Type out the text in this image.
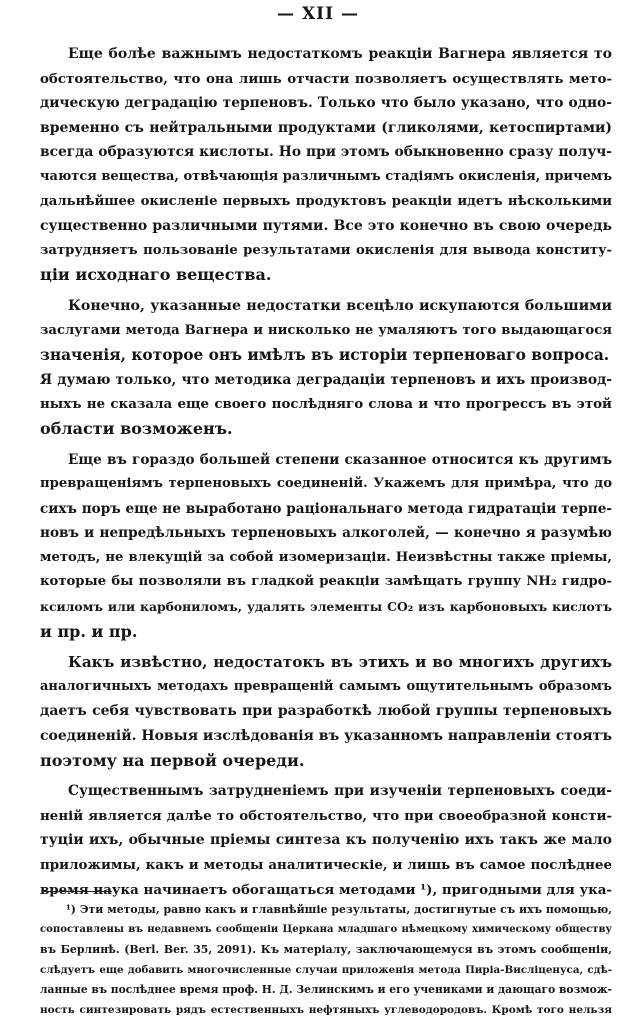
— XII —
Еще болѣе важнымъ недостаткомъ реакціи Вагнера является то
обстоятельство, что она лишь отчасти позволяетъ осуществлять мето-
дическую деградацію терпеновъ. Только что было указано, что одно-
временно съ нейтральными продуктами (гликолями, кетоспиртами)
всегда образуются кислоты. Но при этомъ обыкновенно сразу получ-
чаются вещества, отвѣчающія различнымъ стадіямъ окисленія, причемъ
дальнѣйшее окисленіе первыхъ продуктовъ реакціи идетъ нѣсколькими
существенно различными путями. Все это конечно въ свою очередь
затрудняетъ пользованіе результатами окисленія для вывода конститу-
ціи исходнаго вещества.
Конечно, указанные недостатки всецѣло искупаются большими
заслугами метода Вагнера и нисколько не умаляютъ того выдающагося
значенія, которое онъ имѣлъ въ исторіи терпеноваго вопроса.
Я думаю только, что методика деградаціи терпеновъ и ихъ производ-
ныхъ не сказала еще своего послѣдняго слова и что прогрессъ въ этой
области возможенъ.
Еще въ гораздо большей степени сказанное относится къ другимъ
превращеніямъ терпеновыхъ соединеній. Укажемъ для примѣра, что до
сихъ поръ еще не выработано раціональнаго метода гидратаціи терпе-
новъ и непредѣльныхъ терпеновыхъ алкоголей, — конечно я разумѣю
методъ, не влекущій за собой изомеризаціи. Неизвѣстны также пріемы,
которые бы позволяли въ гладкой реакціи замѣщать группу NH₂ гидро-
ксиломъ или карбониломъ, удалять элементы CO₂ изъ карбоновыхъ кислотъ
и пр. и пр.
Какъ извѣстно, недостатокъ въ этихъ и во многихъ другихъ
аналогичныхъ методахъ превращеній самымъ ощутительнымъ образомъ
даетъ себя чувствовать при разработкѣ любой группы терпеновыхъ
соединеній. Новыя изслѣдованія въ указанномъ направленіи стоятъ
поэтому на первой очереди.
Существеннымъ затрудненіемъ при изученіи терпеновыхъ соеди-
неній является далѣе то обстоятельство, что при своеобразной консти-
туціи ихъ, обычные пріемы синтеза къ полученію ихъ такъ же мало
приложимы, какъ и методы аналитическіе, и лишь въ самое послѣднее
время наука начинаетъ обогащаться методами ¹), пригодными для ука-
¹) Эти методы, равно какъ и главнѣйшіе результаты, достигнутые съ ихъ помощью,
сопоставлены въ недавнемъ сообщеніи Церкана младшаго нѣмецкому химическому обществу
въ Берлинѣ. (Berl. Ber. 35, 2091). Къ матеріалу, заключающемуся въ этомъ сообщеніи,
слѣдуетъ еще добавить многочисленные случаи приложенія метода Пиріа-Висліценуса, сдѣ-
ланные въ послѣднее время проф. Н. Д. Зелинскимъ и его учениками и дающаго возмож-
ность синтезировать рядъ естественныхъ нефтяныхъ углеводородовъ. Кромѣ того нельзя
